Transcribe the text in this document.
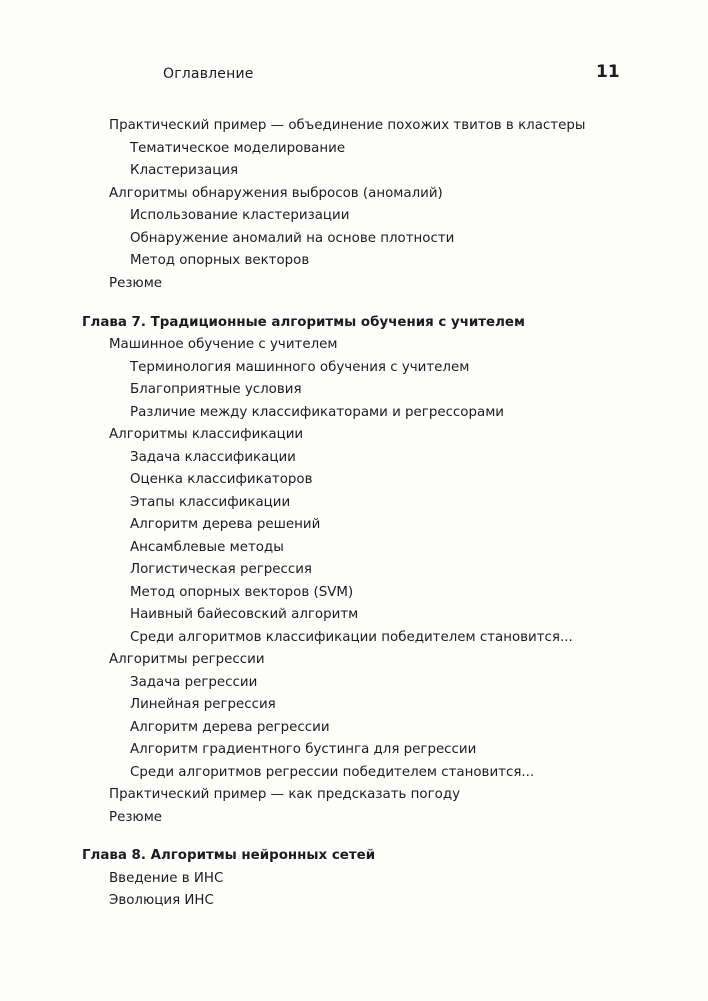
Оглавление	11
Практический пример — объединение похожих твитов в кластеры
Тематическое моделирование
Кластеризация
Алгоритмы обнаружения выбросов (аномалий)
Использование кластеризации
Обнаружение аномалий на основе плотности
Метод опорных векторов
Резюме
Глава 7. Традиционные алгоритмы обучения с учителем
Машинное обучение с учителем
Терминология машинного обучения с учителем
Благоприятные условия
Различие между классификаторами и регрессорами
Алгоритмы классификации
Задача классификации
Оценка классификаторов
Этапы классификации
Алгоритм дерева решений
Ансамблевые методы
Логистическая регрессия
Метод опорных векторов (SVM)
Наивный байесовский алгоритм
Среди алгоритмов классификации победителем становится...
Алгоритмы регрессии
Задача регрессии
Линейная регрессия
Алгоритм дерева регрессии
Алгоритм градиентного бустинга для регрессии
Среди алгоритмов регрессии победителем становится...
Практический пример — как предсказать погоду
Резюме
Глава 8. Алгоритмы нейронных сетей
Введение в ИНС
Эволюция ИНС
